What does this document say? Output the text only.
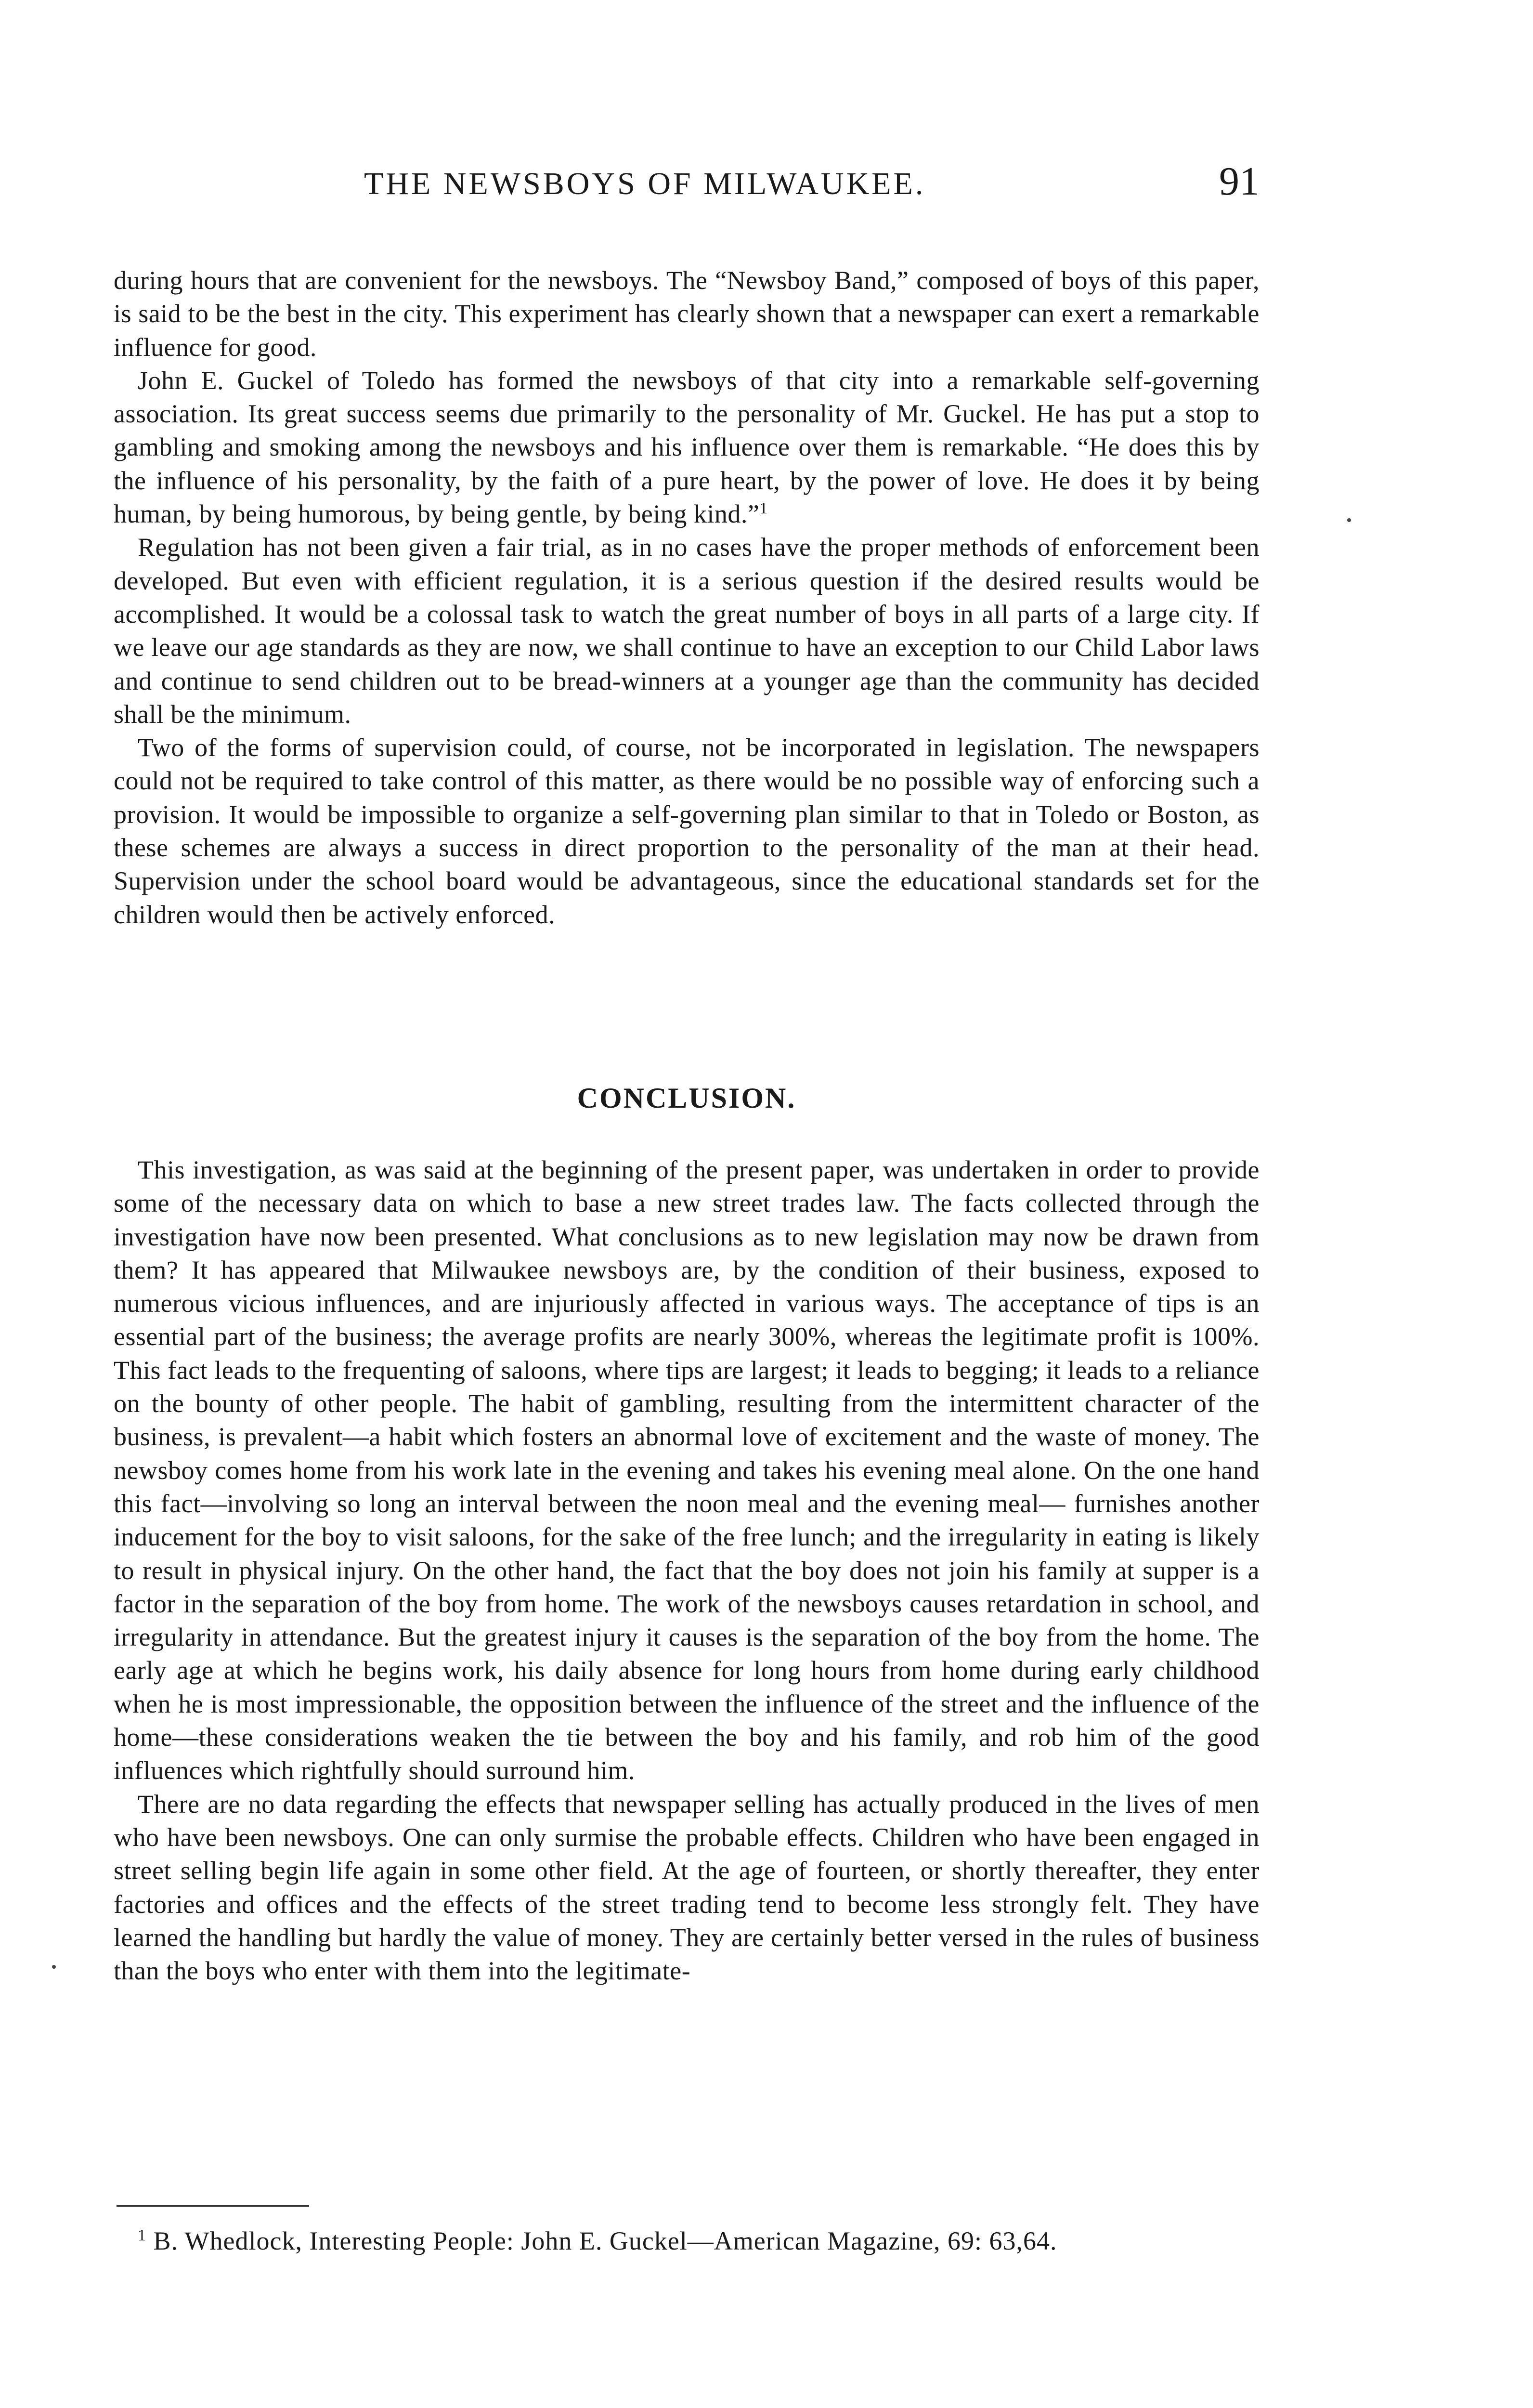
THE NEWSBOYS OF MILWAUKEE.	91

during hours that are convenient for the newsboys. The “Newsboy Band,” composed of boys of this paper, is said to be the best in the city. This experiment has clearly shown that a newspaper can exert a remarkable influence for good.

John E. Guckel of Toledo has formed the newsboys of that city into a remarkable self-governing association. Its great success seems due primarily to the personality of Mr. Guckel. He has put a stop to gambling and smoking among the newsboys and his influence over them is remarkable. “He does this by the influence of his personality, by the faith of a pure heart, by the power of love. He does it by being human, by being humorous, by being gentle, by being kind.”$^1$

Regulation has not been given a fair trial, as in no cases have the proper methods of enforcement been developed. But even with efficient regulation, it is a serious question if the desired results would be accomplished. It would be a colossal task to watch the great number of boys in all parts of a large city. If we leave our age standards as they are now, we shall continue to have an exception to our Child Labor laws and continue to send children out to be bread-winners at a younger age than the community has decided shall be the minimum.

Two of the forms of supervision could, of course, not be incorporated in legislation. The newspapers could not be required to take control of this matter, as there would be no possible way of enforcing such a provision. It would be impossible to organize a self-governing plan similar to that in Toledo or Boston, as these schemes are always a success in direct proportion to the personality of the man at their head. Supervision under the school board would be advantageous, since the educational standards set for the children would then be actively enforced.

CONCLUSION.

This investigation, as was said at the beginning of the present paper, was undertaken in order to provide some of the necessary data on which to base a new street trades law. The facts collected through the investigation have now been presented. What conclusions as to new legislation may now be drawn from them? It has appeared that Milwaukee newsboys are, by the condition of their business, exposed to numerous vicious influences, and are injuriously affected in various ways. The acceptance of tips is an essential part of the business; the average profits are nearly 300%, whereas the legitimate profit is 100%. This fact leads to the frequenting of saloons, where tips are largest; it leads to begging; it leads to a reliance on the bounty of other people. The habit of gambling, resulting from the intermittent character of the business, is prevalent—a habit which fosters an abnormal love of excitement and the waste of money. The newsboy comes home from his work late in the evening and takes his evening meal alone. On the one hand this fact—involving so long an interval between the noon meal and the evening meal— furnishes another inducement for the boy to visit saloons, for the sake of the free lunch; and the irregularity in eating is likely to result in physical injury. On the other hand, the fact that the boy does not join his family at supper is a factor in the separation of the boy from home. The work of the newsboys causes retardation in school, and irregularity in attendance. But the greatest injury it causes is the separation of the boy from the home. The early age at which he begins work, his daily absence for long hours from home during early childhood when he is most impressionable, the opposition between the influence of the street and the influence of the home—these considerations weaken the tie between the boy and his family, and rob him of the good influences which rightfully should surround him.

There are no data regarding the effects that newspaper selling has actually produced in the lives of men who have been newsboys. One can only surmise the probable effects. Children who have been engaged in street selling begin life again in some other field. At the age of fourteen, or shortly thereafter, they enter factories and offices and the effects of the street trading tend to become less strongly felt. They have learned the handling but hardly the value of money. They are certainly better versed in the rules of business than the boys who enter with them into the legitimate-

$^1$ B. Whedlock, Interesting People: John E. Guckel—American Magazine, 69: 63,64.
